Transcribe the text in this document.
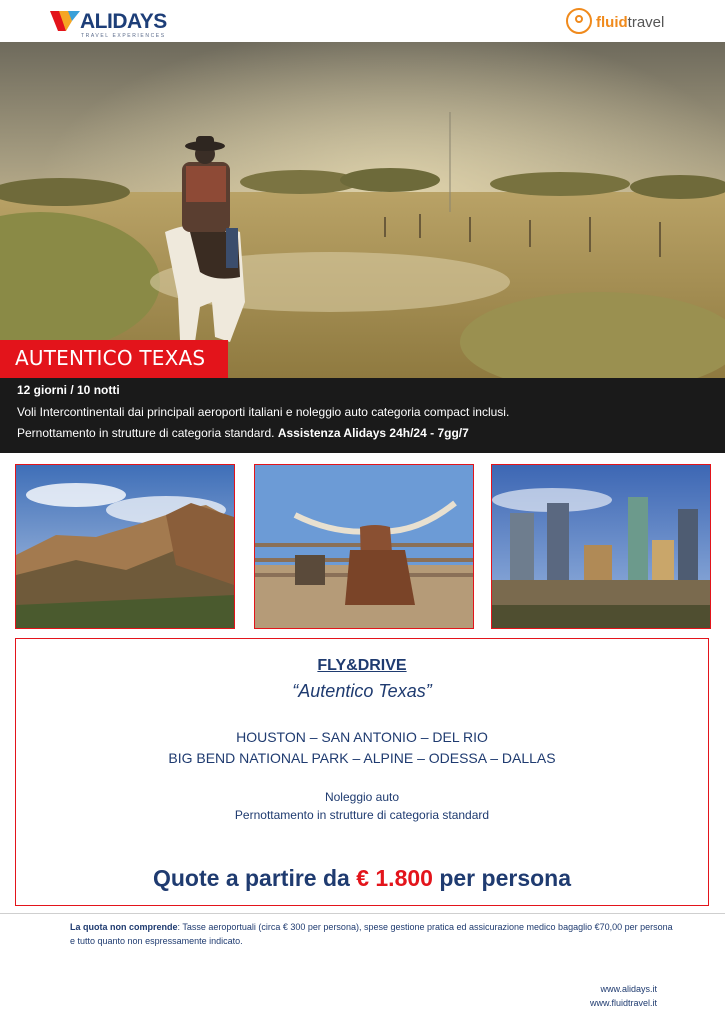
ALIDAYS
TRAVEL EXPERIENCES
fluidtravel
AUTENTICO TEXAS
12 giorni / 10 notti
Voli Intercontinentali dai principali aeroporti italiani e noleggio auto categoria compact inclusi.
Pernottamento in strutture di categoria standard. Assistenza Alidays 24h/24 - 7gg/7
FLY&DRIVE
“Autentico Texas”
HOUSTON – SAN ANTONIO – DEL RIO
BIG BEND NATIONAL PARK – ALPINE – ODESSA – DALLAS
Noleggio auto
Pernottamento in strutture di categoria standard
Quote a partire da € 1.800 per persona
La quota non comprende: Tasse aeroportuali (circa € 300 per persona), spese gestione pratica ed assicurazione medico bagaglio €70,00 per persona e tutto quanto non espressamente indicato.
www.alidays.it
www.fluidtravel.it
